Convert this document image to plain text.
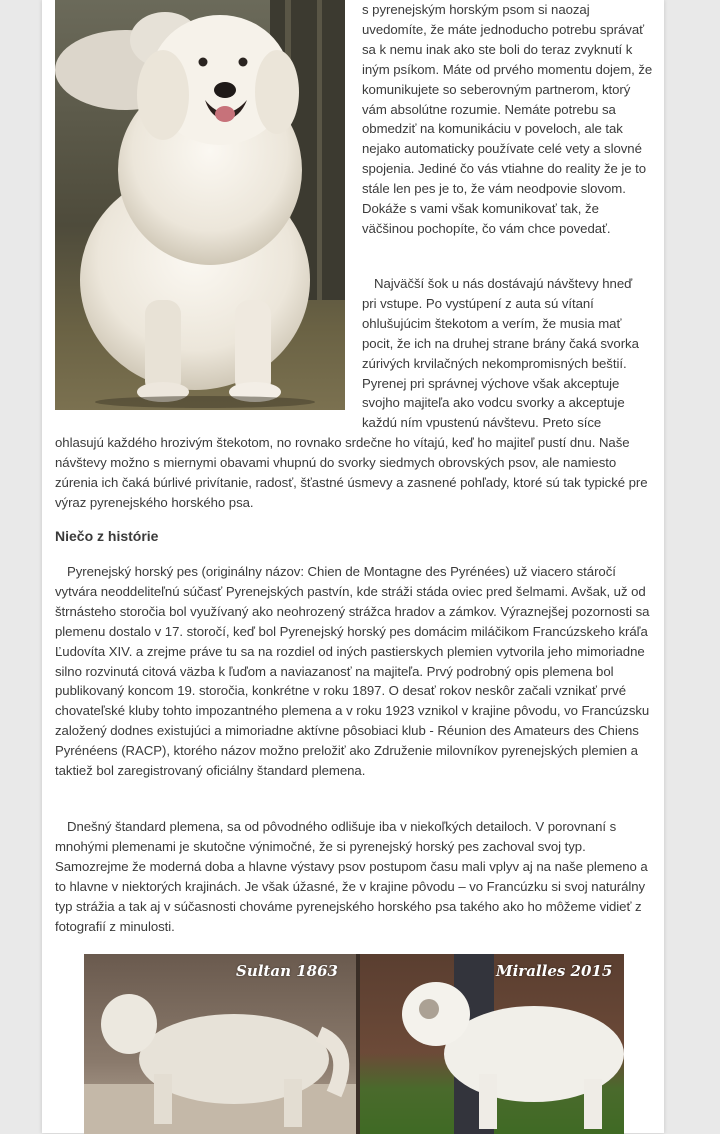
s pyrenejským horským psom si naozaj uvedomíte, že máte jednoducho potrebu správať sa k nemu inak ako ste boli do teraz zvyknutí k iným psíkom. Máte od prvého momentu dojem, že komunikujete so seberovným partnerom, ktorý vám absolútne rozumie. Nemáte potrebu sa obmedziť na komunikáciu v poveloch, ale tak nejako automaticky používate celé vety a slovné spojenia. Jediné čo vás vtiahne do reality že je to stále len pes je to, že vám neodpovie slovom. Dokáže s vami však komunikovať tak, že väčšinou pochopíte, čo vám chce povedať.

Najväčší šok u nás dostávajú návštevy hneď
pri vstupe. Po vystúpení z auta sú vítaní
ohlušujúcim štekotom a verím, že musia mať
pocit, že ich na druhej strane brány čaká svorka
zúrivých krvilačných nekompromisných beštií.
Pyrenej pri správnej výchove však akceptuje
svojho majiteľa ako vodcu svorky a akceptuje
každú ním vpustenú návštevu. Preto síce

ohlasujú každého hrozivým štekotom, no rovnako srdečne ho vítajú, keď ho majiteľ pustí dnu. Naše návštevy možno s miernymi obavami vhupnú do svorky siedmych obrovských psov, ale namiesto zúrenia ich čaká búrlivé privítanie, radosť, šťastné úsmevy a zasnené pohľady, ktoré sú tak typické pre výraz pyrenejského horského psa.

Niečo z histórie

Pyrenejský horský pes (originálny názov: Chien de Montagne des Pyrénées) už viacero stáročí vytvára neoddeliteľnú súčasť Pyrenejských pastvín, kde stráži stáda oviec pred šelmami. Avšak, už od štrnásteho storočia bol využívaný ako neohrozený strážca hradov a zámkov. Výraznejšej pozornosti sa plemenu dostalo v 17. storočí, keď bol Pyrenejský horský pes domácim miláčikom Francúzskeho kráľa Ľudovíta XIV. a zrejme práve tu sa na rozdiel od iných pastierskych plemien vytvorila jeho mimoriadne silno rozvinutá citová väzba k ľuďom a naviazanosť na majiteľa. Prvý podrobný opis plemena bol publikovaný koncom 19. storočia, konkrétne v roku 1897. O desať rokov neskôr začali vznikať prvé chovateľské kluby tohto impozantného plemena a v roku 1923 vznikol v krajine pôvodu, vo Francúzsku založený dodnes existujúci a mimoriadne aktívne pôsobiaci klub - Réunion des Amateurs des Chiens Pyrénéens (RACP), ktorého názov možno preložiť ako Združenie milovníkov pyrenejských plemien a taktiež bol zaregistrovaný oficiálny štandard plemena.

Dnešný štandard plemena, sa od pôvodného odlišuje iba v niekoľkých detailoch. V porovnaní s mnohými plemenami je skutočne výnimočné, že si pyrenejský horský pes zachoval svoj typ. Samozrejme že moderná doba a hlavne výstavy psov postupom času mali vplyv aj na naše plemeno a to hlavne v niektorých krajinách. Je však úžasné, že v krajine pôvodu – vo Francúzku si svoj naturálny typ strážia a tak aj v súčasnosti chováme pyrenejského horského psa takého ako ho môžeme vidieť z fotografií z minulosti.

Sultan 1863	Miralles 2015
